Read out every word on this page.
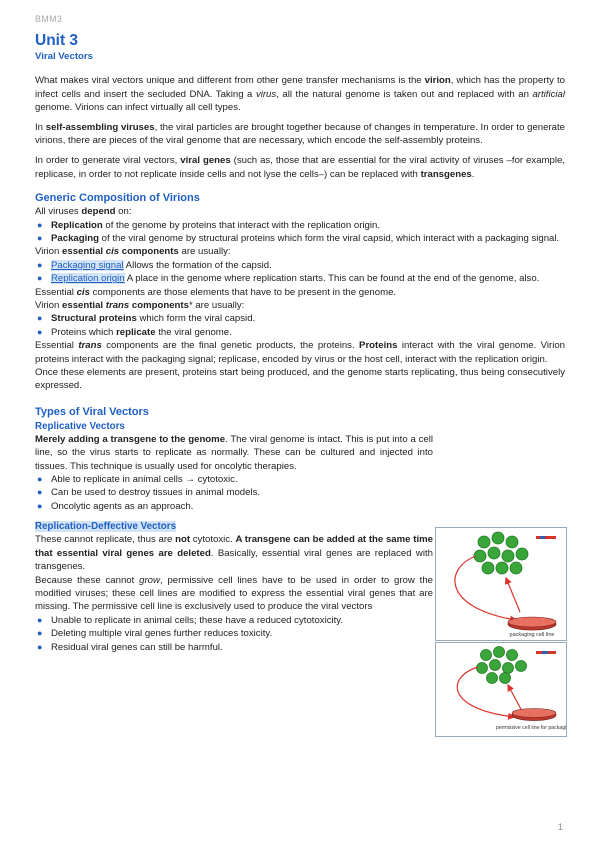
BMM3
Unit 3
Viral Vectors

What makes viral vectors unique and different from other gene transfer mechanisms is the virion, which has the property to infect cells and insert the secluded DNA. Taking a virus, all the natural genome is taken out and replaced with an artificial genome. Virions can infect virtually all cell types.

In self-assembling viruses, the viral particles are brought together because of changes in temperature. In order to generate virions, there are pieces of the viral genome that are necessary, which encode the self-assembly proteins.

In order to generate viral vectors, viral genes (such as, those that are essential for the viral activity of viruses –for example, replicase, in order to not replicate inside cells and not lyse the cells–) can be replaced with transgenes.

Generic Composition of Virions
All viruses depend on:
● Replication of the genome by proteins that interact with the replication origin.
● Packaging of the viral genome by structural proteins which form the viral capsid, which interact with a packaging signal.
Virion essential cis components are usually:
● Packaging signal Allows the formation of the capsid.
● Replication origin A place in the genome where replication starts. This can be found at the end of the genome, also.
Essential cis components are those elements that have to be present in the genome.
Virion essential trans components* are usually:
● Structural proteins which form the viral capsid.
● Proteins which replicate the viral genome.
Essential trans components are the final genetic products, the proteins. Proteins interact with the viral genome. Virion proteins interact with the packaging signal; replicase, encoded by virus or the host cell, interact with the replication origin.
Once these elements are present, proteins start being produced, and the genome starts replicating, thus being consecutively expressed.
Types of Viral Vectors
Replicative Vectors
Merely adding a transgene to the genome. The viral genome is intact. This is put into a cell line, so the virus starts to replicate as normally. These can be cultured and injected into tissues. This technique is usually used for oncolytic therapies.
● Able to replicate in animal cells → cytotoxic.
● Can be used to destroy tissues in animal models.
● Oncolytic agents as an approach.
Replication-Deffective Vectors
These cannot replicate, thus are not cytotoxic. A transgene can be added at the same time that essential viral genes are deleted. Basically, essential viral genes are replaced with transgenes.
Because these cannot grow, permissive cell lines have to be used in order to grow the modified viruses; these cell lines are modified to express the essential viral genes that are missing. The permissive cell line is exclusively used to produce the viral vectors
● Unable to replicate in animal cells; these have a reduced cytotoxicity.
● Deleting multiple viral genes further reduces toxicity.
● Residual viral genes can still be harmful.
packaging cell line
permissive cell line for packaging
1
